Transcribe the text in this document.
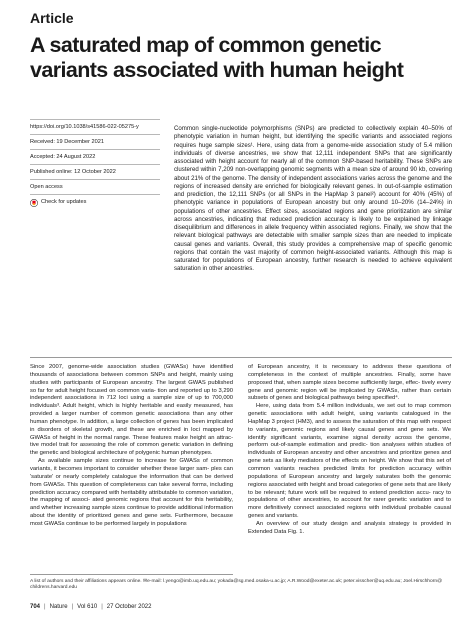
Article
A saturated map of common genetic variants associated with human height
https://doi.org/10.1038/s41586-022-05275-y
Received: 19 December 2021
Accepted: 24 August 2022
Published online: 12 October 2022
Open access
Check for updates
Common single-nucleotide polymorphisms (SNPs) are predicted to collectively explain 40–50% of phenotypic variation in human height, but identifying the specific variants and associated regions requires huge sample sizes¹. Here, using data from a genome-wide association study of 5.4 million individuals of diverse ancestries, we show that 12,111 independent SNPs that are significantly associated with height account for nearly all of the common SNP-based heritability. These SNPs are clustered within 7,209 non-overlapping genomic segments with a mean size of around 90 kb, covering about 21% of the genome. The density of independent associations varies across the genome and the regions of increased density are enriched for biologically relevant genes. In out-of-sample estimation and prediction, the 12,111 SNPs (or all SNPs in the HapMap 3 panel²) account for 40% (45%) of phenotypic variance in populations of European ancestry but only around 10–20% (14–24%) in populations of other ancestries. Effect sizes, associated regions and gene prioritization are similar across ancestries, indicating that reduced prediction accuracy is likely to be explained by linkage disequilibrium and differences in allele frequency within associated regions. Finally, we show that the relevant biological pathways are detectable with smaller sample sizes than are needed to implicate causal genes and variants. Overall, this study provides a comprehensive map of specific genomic regions that contain the vast majority of common height-associated variants. Although this map is saturated for populations of European ancestry, further research is needed to achieve equivalent saturation in other ancestries.

Since 2007, genome-wide association studies (GWASs) have identified thousands of associations between common SNPs and height, mainly using studies with participants of European ancestry. The largest GWAS published so far for adult height focused on common varia- tion and reported up to 3,290 independent associations in 712 loci using a sample size of up to 700,000 individuals³. Adult height, which is highly heritable and easily measured, has provided a larger number of common genetic associations than any other human phenotype. In addition, a large collection of genes has been implicated in disorders of skeletal growth, and these are enriched in loci mapped by GWASs of height in the normal range. These features make height an attrac- tive model trait for assessing the role of common genetic variation in defining the genetic and biological architecture of polygenic human phenotypes.

As available sample sizes continue to increase for GWASs of common variants, it becomes important to consider whether these larger sam- ples can 'saturate' or nearly completely catalogue the information that can be derived from GWASs. This question of completeness can take several forms, including prediction accuracy compared with heritability attributable to common variation, the mapping of associ- ated genomic regions that account for this heritability, and whether increasing sample sizes continue to provide additional information about the identity of prioritized genes and gene sets. Furthermore, because most GWASs continue to be performed largely in populations

of European ancestry, it is necessary to address these questions of completeness in the context of multiple ancestries. Finally, some have proposed that, when sample sizes become sufficiently large, effec- tively every gene and genomic region will be implicated by GWASs, rather than certain subsets of genes and biological pathways being specified⁴.

Here, using data from 5.4 million individuals, we set out to map common genetic associations with adult height, using variants catalogued in the HapMap 3 project (HM3), and to assess the saturation of this map with respect to variants, genomic regions and likely causal genes and gene sets. We identify significant variants, examine signal density across the genome, perform out-of-sample estimation and predic- tion analyses within studies of individuals of European ancestry and other ancestries and prioritize genes and gene sets as likely mediators of the effects on height. We show that this set of common variants reaches predicted limits for prediction accuracy within populations of European ancestry and largely saturates both the genomic regions associated with height and broad categories of gene sets that are likely to be relevant; future work will be required to extend prediction accu- racy to populations of other ancestries, to account for rarer genetic variation and to more definitively connect associated regions with individual probable causal genes and variants.

An overview of our study design and analysis strategy is provided in Extended Data Fig. 1.

A list of authors and their affiliations appears online. ✉e-mail: l.yengo@imb.uq.edu.au; yokada@sg.med.osaka-u.ac.jp; A.R.Wood@exeter.ac.uk; peter.visscher@uq.edu.au; Joel.Hirschhorn@
childrens.harvard.edu
704 | Nature | Vol 610 | 27 October 2022
